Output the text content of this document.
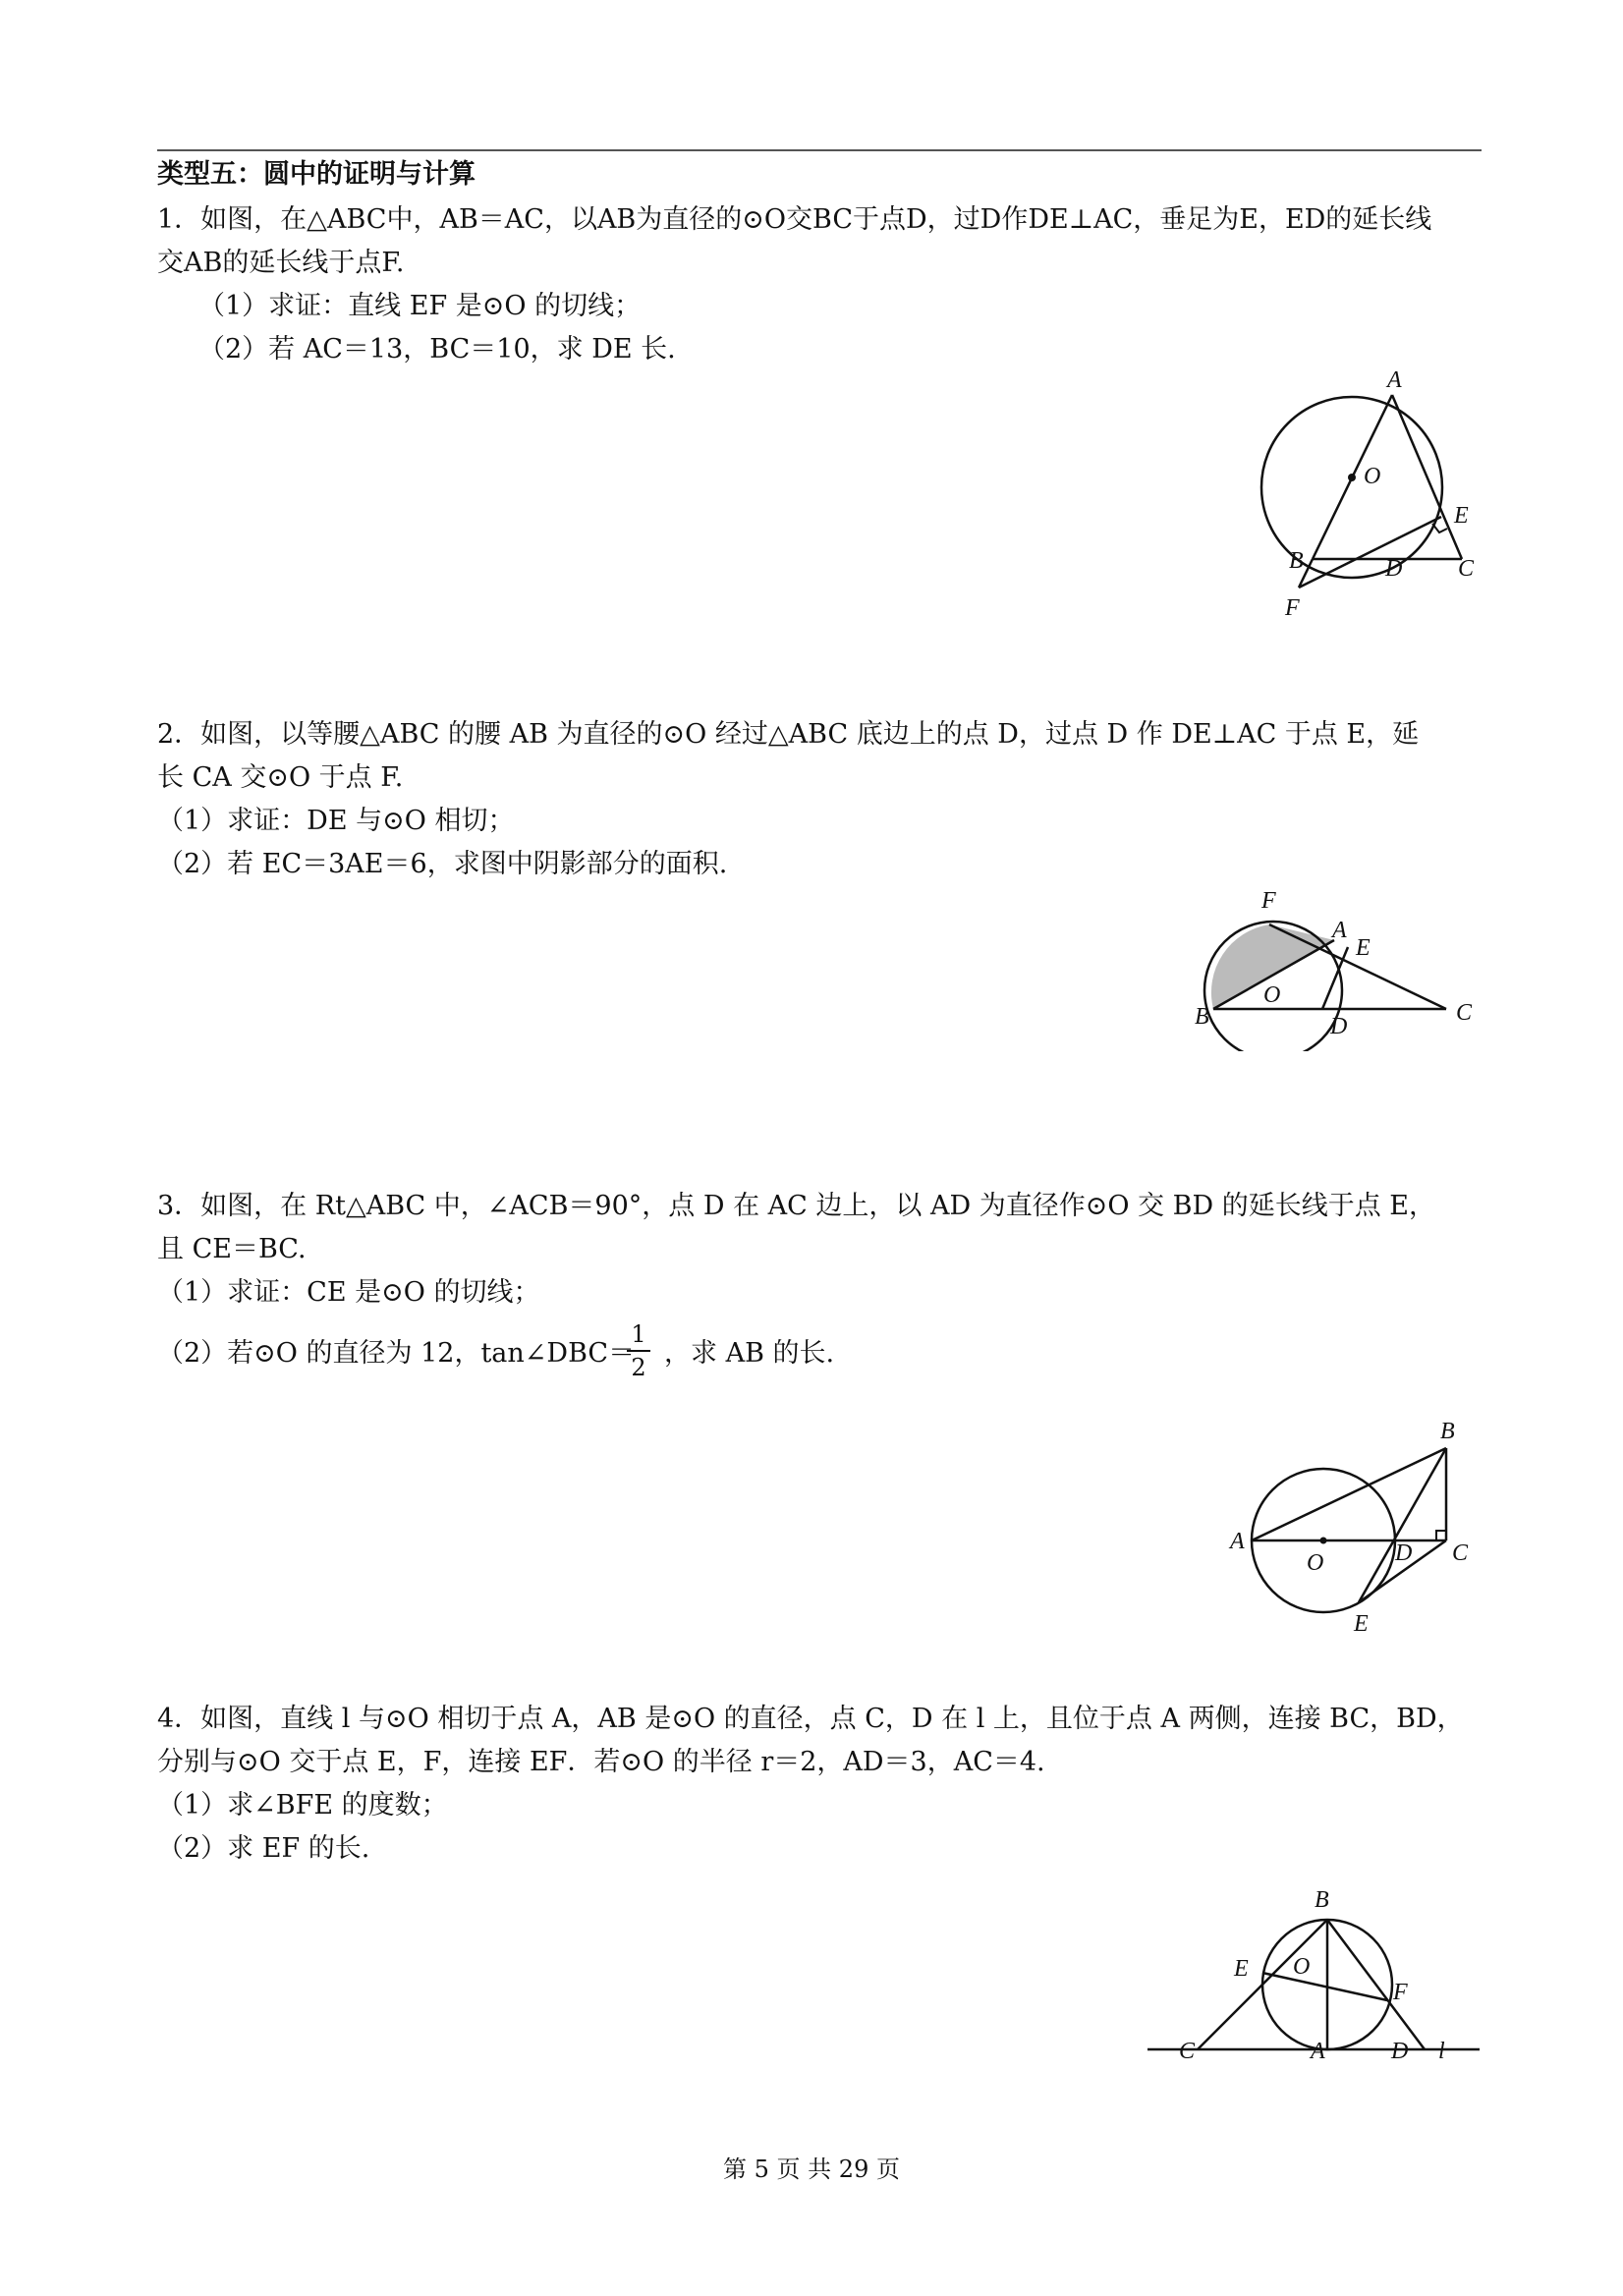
类型五：圆中的证明与计算
1．如图，在△ABC中，AB＝AC，以AB为直径的⊙O交BC于点D，过D作DE⊥AC，垂足为E，ED的延长线
交AB的延长线于点F.
（1）求证：直线 EF 是⊙O 的切线；
（2）若 AC＝13，BC＝10，求 DE 长.
A
O
E
B	D C
F
2．如图，以等腰△ABC 的腰 AB 为直径的⊙O 经过△ABC 底边上的点 D，过点 D 作 DE⊥AC 于点 E，延
长 CA 交⊙O 于点 F.
（1）求证：DE 与⊙O 相切；
（2）若 EC＝3AE＝6，求图中阴影部分的面积.
F
A
E
O
B	D
C
3．如图，在 Rt△ABC 中，∠ACB＝90°，点 D 在 AC 边上，以 AD 为直径作⊙O 交 BD 的延长线于点 E，
且 CE＝BC.
（1）求证：CE 是⊙O 的切线；
（2）若⊙O 的直径为 12，tan∠DBC＝
$\frac{1}{2}$ ，求 AB 的长.
B
A	D C
O
E
4．如图，直线 l 与⊙O 相切于点 A，AB 是⊙O 的直径，点 C，D 在 l 上，且位于点 A 两侧，连接 BC，BD，
分别与⊙O 交于点 E，F，连接 EF．若⊙O 的半径 r＝2，AD＝3，AC＝4.
（1）求∠BFE 的度数；
（2）求 EF 的长.
B
E O
F
C	A	D l
第 5 页 共 29 页
